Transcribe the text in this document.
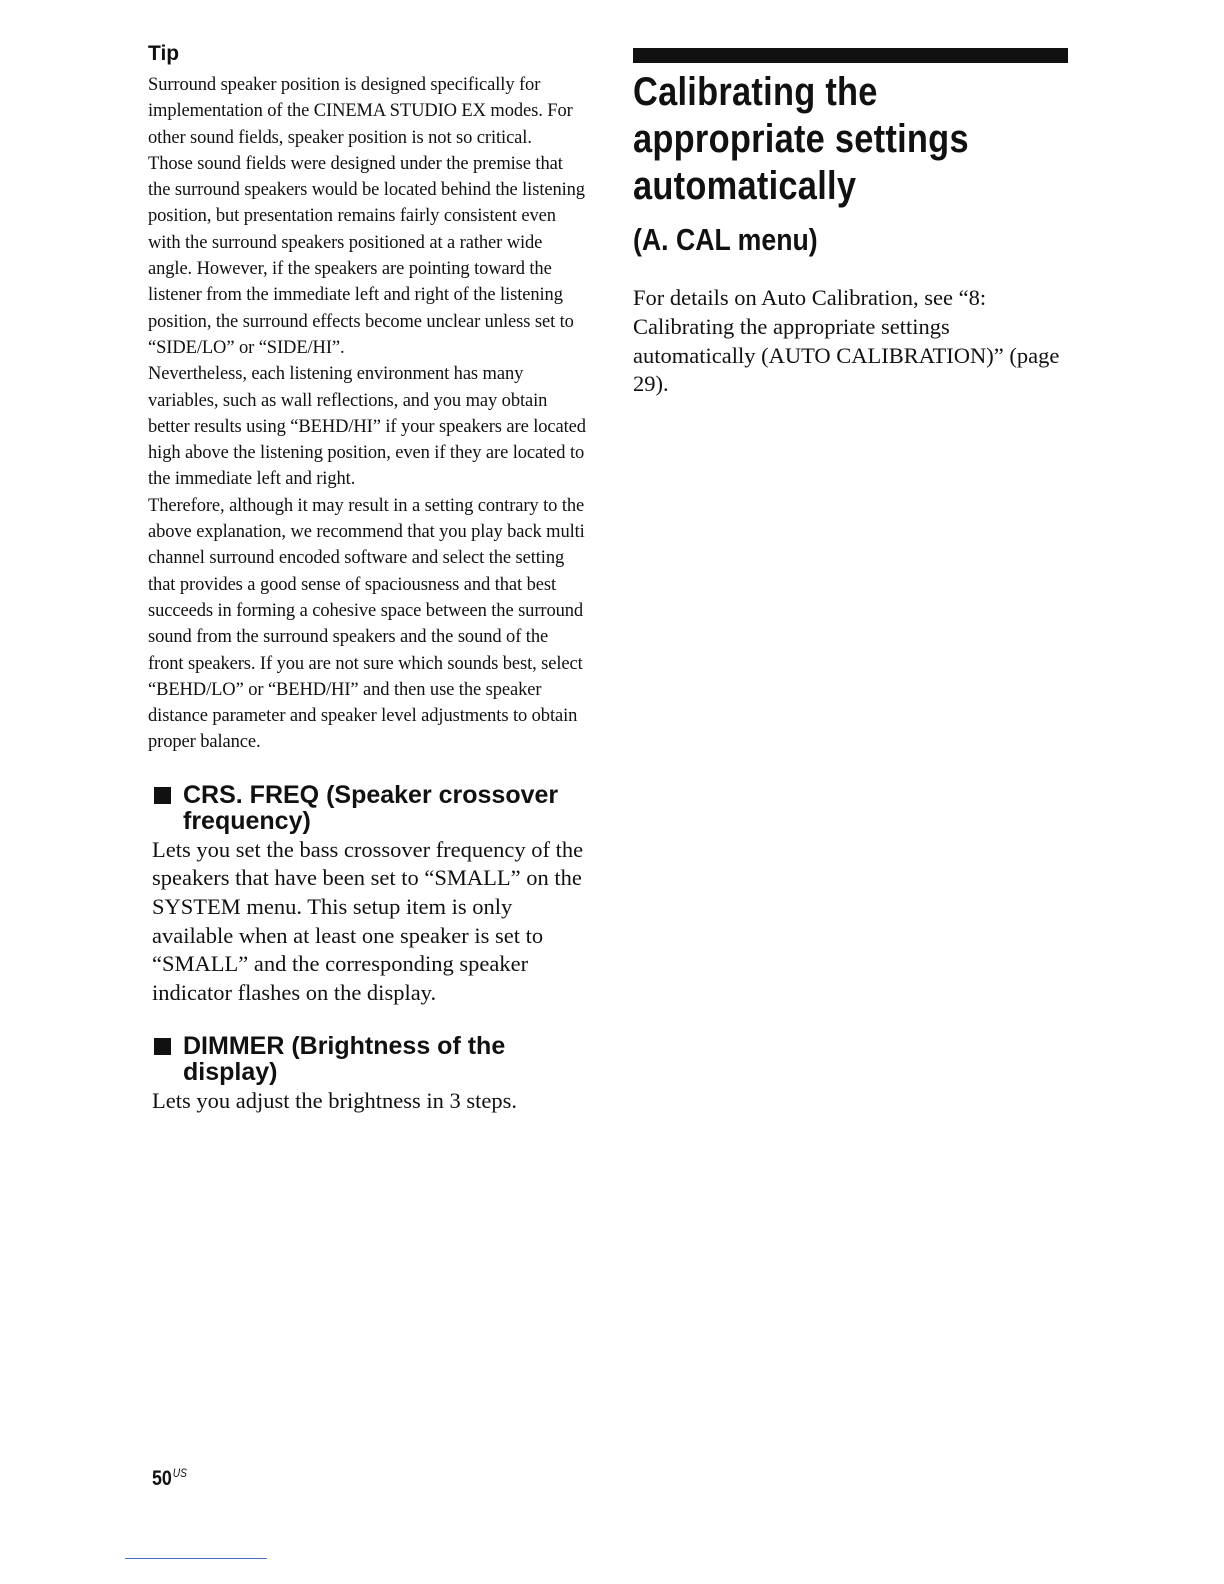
Tip

Surround speaker position is designed specifically for implementation of the CINEMA STUDIO EX modes. For other sound fields, speaker position is not so critical.

Those sound fields were designed under the premise that the surround speakers would be located behind the listening position, but presentation remains fairly consistent even with the surround speakers positioned at a rather wide angle. However, if the speakers are pointing toward the listener from the immediate left and right of the listening position, the surround effects become unclear unless set to “SIDE/LO” or “SIDE/HI”.

Nevertheless, each listening environment has many variables, such as wall reflections, and you may obtain better results using “BEHD/HI” if your speakers are located high above the listening position, even if they are located to the immediate left and right.

Therefore, although it may result in a setting contrary to the above explanation, we recommend that you play back multi channel surround encoded software and select the setting that provides a good sense of spaciousness and that best succeeds in forming a cohesive space between the surround sound from the surround speakers and the sound of the front speakers. If you are not sure which sounds best, select “BEHD/LO” or “BEHD/HI” and then use the speaker distance parameter and speaker level adjustments to obtain proper balance.

CRS. FREQ (Speaker crossover frequency)

Lets you set the bass crossover frequency of the speakers that have been set to “SMALL” on the SYSTEM menu. This setup item is only available when at least one speaker is set to “SMALL” and the corresponding speaker indicator flashes on the display.

DIMMER (Brightness of the display)

Lets you adjust the brightness in 3 steps.

Calibrating the appropriate settings automatically
(A. CAL menu)

For details on Auto Calibration, see “8: Calibrating the appropriate settings automatically (AUTO CALIBRATION)” (page 29).

$50^{US}$
